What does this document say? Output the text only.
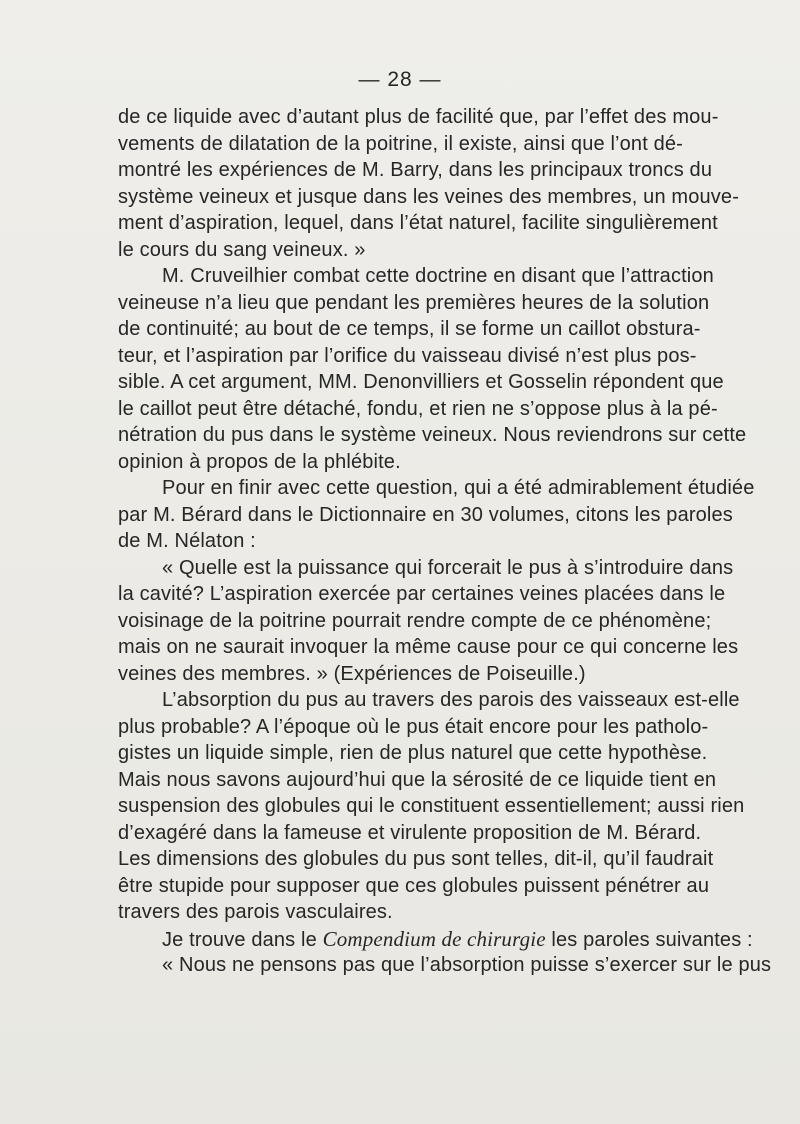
— 28 —
de ce liquide avec d’autant plus de facilité que, par l’effet des mou-
vements de dilatation de la poitrine, il existe, ainsi que l’ont dé-
montré les expériences de M. Barry, dans les principaux troncs du
système veineux et jusque dans les veines des membres, un mouve-
ment d’aspiration, lequel, dans l’état naturel, facilite singulièrement
le cours du sang veineux. »
M. Cruveilhier combat cette doctrine en disant que l’attraction
veineuse n’a lieu que pendant les premières heures de la solution
de continuité; au bout de ce temps, il se forme un caillot obstura-
teur, et l’aspiration par l’orifice du vaisseau divisé n’est plus pos-
sible. A cet argument, MM. Denonvilliers et Gosselin répondent que
le caillot peut être détaché, fondu, et rien ne s’oppose plus à la pé-
nétration du pus dans le système veineux. Nous reviendrons sur cette
opinion à propos de la phlébite.
Pour en finir avec cette question, qui a été admirablement étudiée
par M. Bérard dans le Dictionnaire en 30 volumes, citons les paroles
de M. Nélaton :
« Quelle est la puissance qui forcerait le pus à s’introduire dans
la cavité? L’aspiration exercée par certaines veines placées dans le
voisinage de la poitrine pourrait rendre compte de ce phénomène;
mais on ne saurait invoquer la même cause pour ce qui concerne les
veines des membres. » (Expériences de Poiseuille.)
L’absorption du pus au travers des parois des vaisseaux est-elle
plus probable? A l’époque où le pus était encore pour les patholo-
gistes un liquide simple, rien de plus naturel que cette hypothèse.
Mais nous savons aujourd’hui que la sérosité de ce liquide tient en
suspension des globules qui le constituent essentiellement; aussi rien
d’exagéré dans la fameuse et virulente proposition de M. Bérard.
Les dimensions des globules du pus sont telles, dit-il, qu’il faudrait
être stupide pour supposer que ces globules puissent pénétrer au
travers des parois vasculaires.
Je trouve dans le Compendium de chirurgie les paroles suivantes :
« Nous ne pensons pas que l’absorption puisse s’exercer sur le pus
